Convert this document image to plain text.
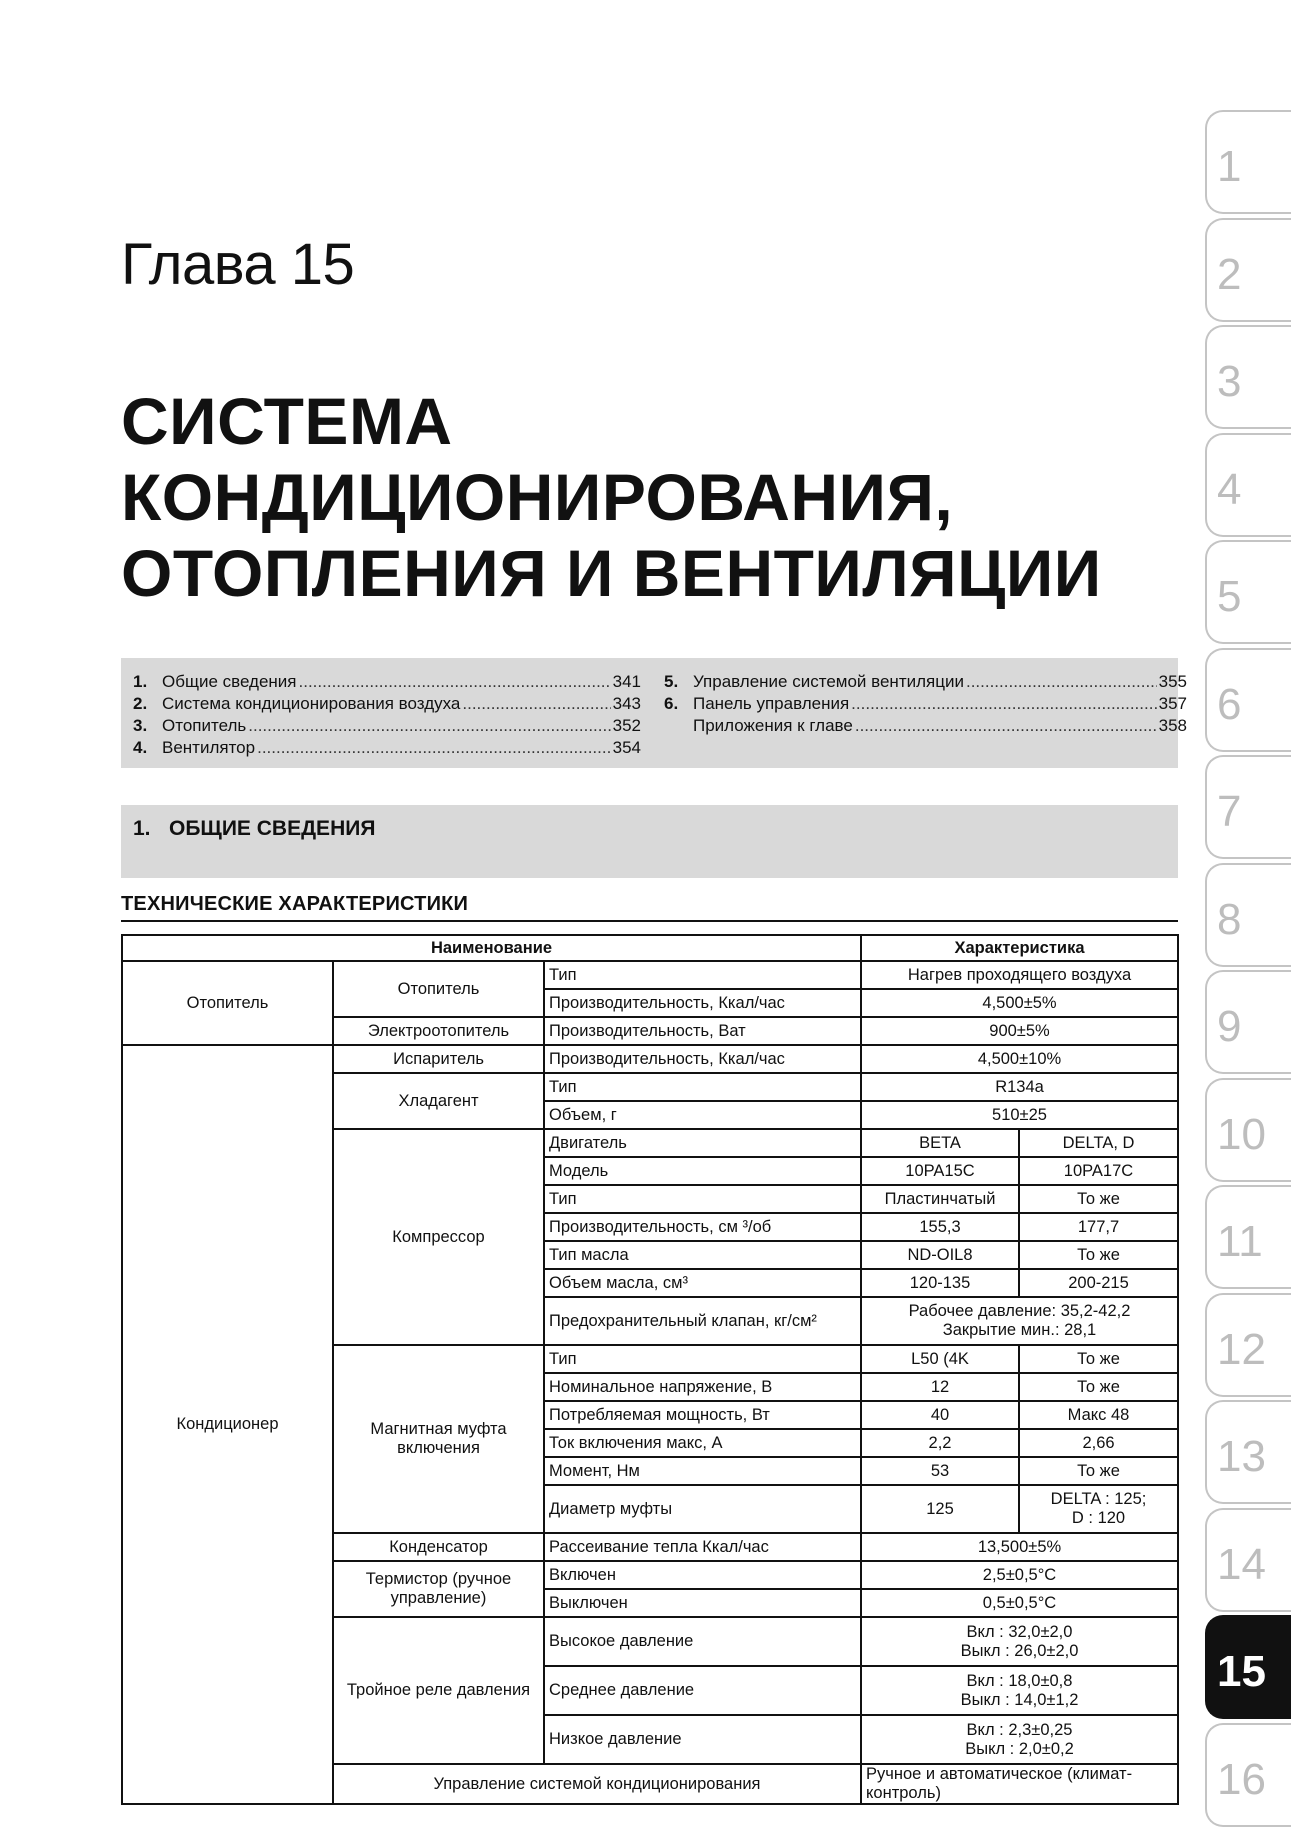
Глава 15
СИСТЕМА
КОНДИЦИОНИРОВАНИЯ,
ОТОПЛЕНИЯ И ВЕНТИЛЯЦИИ
1. Общие сведения .....	341
2. Система кондиционирования воздуха .....	343
3. Отопитель .....	352
4. Вентилятор .....	354
5. Управление системой вентиляции .....	355
6. Панель управления .....	357
Приложения к главе .....	358
1. ОБЩИЕ СВЕДЕНИЯ
ТЕХНИЧЕСКИЕ ХАРАКТЕРИСТИКИ
Наименование			Характеристика	
Отопитель	Отопитель	Тип	Нагрев проходящего воздуха	
		Производительность, Ккал/час	4,500±5%	
	Электроотопитель	Производительность, Ват	900±5%	
Кондиционер	Испаритель	Производительность, Ккал/час	4,500±10%	
	Хладагент	Тип	R134a	
		Объем, г	510±25	
	Компрессор	Двигатель	BETA	DELTA, D
		Модель	10PA15C	10PA17C
		Тип	Пластинчатый	То же
		Производительность, см ³/об	155,3	177,7
		Тип масла	ND-OIL8	То же
		Объем масла, см³	120-135	200-215
		Предохранительный клапан, кг/см²	Рабочее давление: 35,2-42,2
Закрытие мин.: 28,1	

	Магнитная муфта включения	Тип	L50 (4K	То же
		Номинальное напряжение, В	12	То же
		Потребляемая мощность, Вт	40	Макс 48
		Ток включения макс, А	2,2	2,66
		Момент, Нм	53	То же
		Диаметр муфты	125	DELTA : 125;
D : 120

	Конденсатор	Рассеивание тепла Ккал/час	13,500±5%	
	Термистор (ручное управление)	Включен	2,5±0,5°C	
		Выключен	0,5±0,5°C	
	Тройное реле давления	Высокое давление	Вкл : 32,0±2,0
Выкл : 26,0±2,0	

		Среднее давление	Вкл : 18,0±0,8
Выкл : 14,0±1,2	

		Низкое давление	Вкл : 2,3±0,25
Выкл : 2,0±0,2	

	Управление системой кондиционирования		Ручное и автоматическое (климат-контроль)	
1
2
3
4
5
6
7
8
9
10
11
12
13
14
15
16
